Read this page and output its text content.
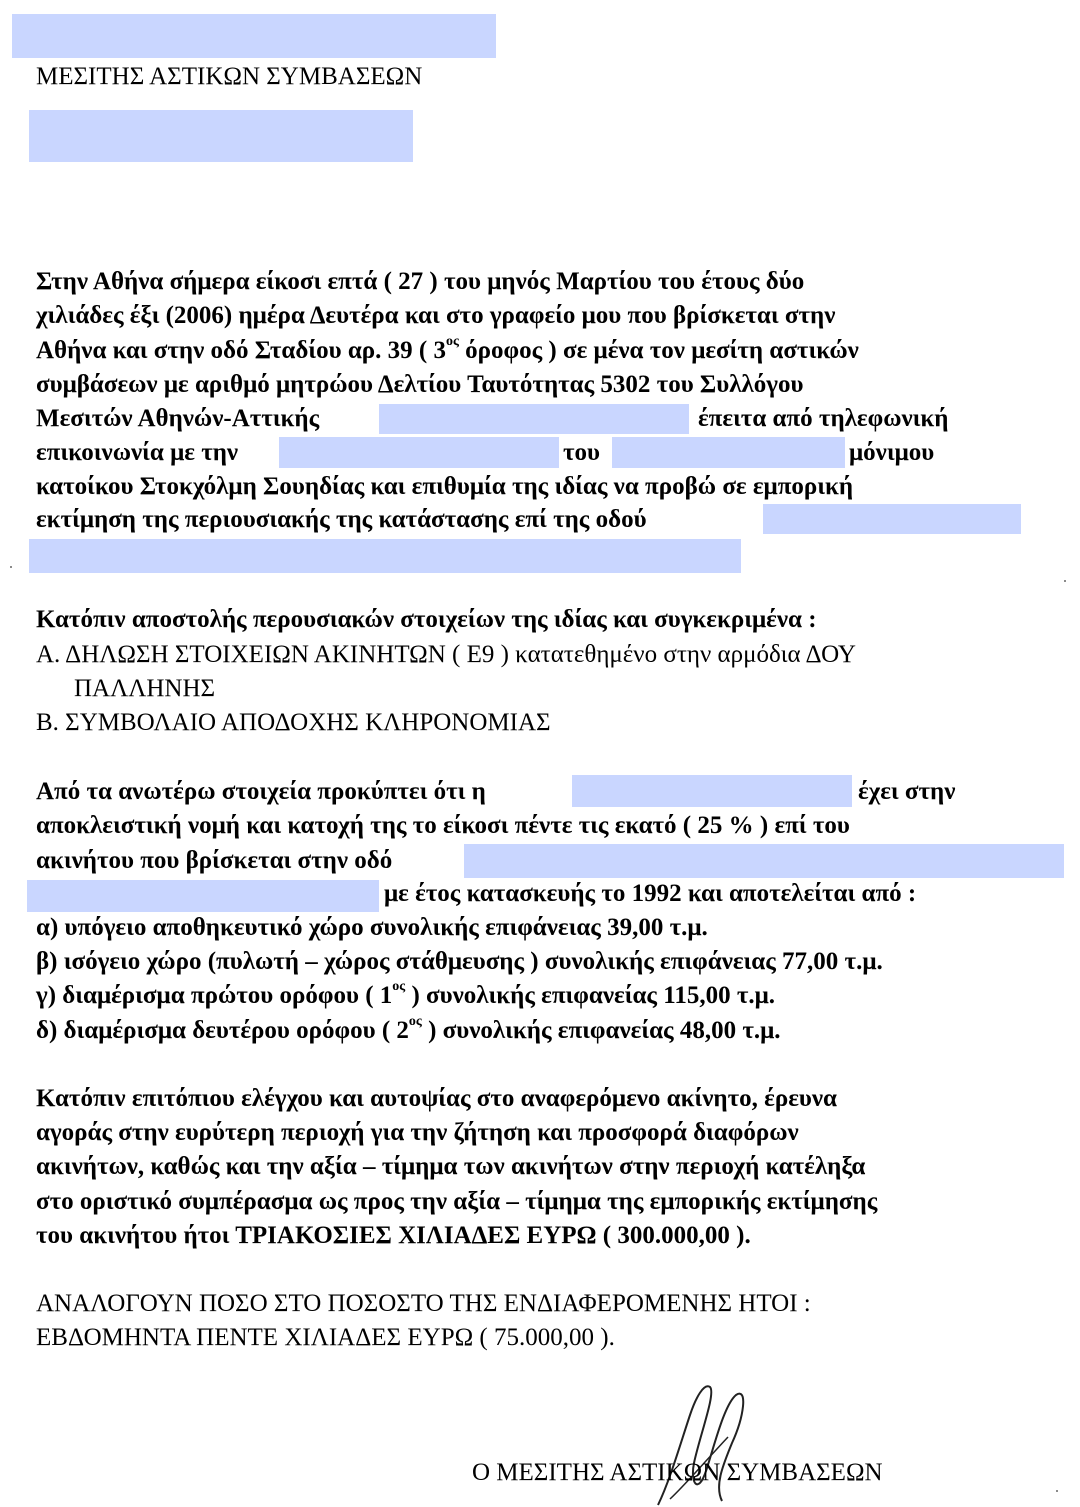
ΜΕΣΙΤΗΣ ΑΣΤΙΚΩΝ ΣΥΜΒΑΣΕΩΝ
Στην Αθήνα σήμερα είκοσι επτά ( 27 ) του μηνός Μαρτίου του έτους δύο
χιλιάδες έξι (2006) ημέρα Δευτέρα και στο γραφείο μου που βρίσκεται στην
Αθήνα και στην οδό Σταδίου αρ. 39 ( $3^{o\varsigma}$ όροφος ) σε μένα τον μεσίτη αστικών
συμβάσεων με αριθμό μητρώου Δελτίου Ταυτότητας 5302 του Συλλόγου
Μεσιτών Αθηνών-Αττικής	έπειτα από τηλεφωνική
επικοινωνία με την	του	μόνιμου
κατοίκου Στοκχόλμη Σουηδίας και επιθυμία της ιδίας να προβώ σε εμπορική
εκτίμηση της περιουσιακής της κατάστασης επί της οδού
Κατόπιν αποστολής περουσιακών στοιχείων της ιδίας και συγκεκριμένα :
Α. ΔΗΛΩΣΗ ΣΤΟΙΧΕΙΩΝ ΑΚΙΝΗΤΩΝ ( Ε9 ) κατατεθημένο στην αρμόδια ΔΟΥ
ΠΑΛΛΗΝΗΣ
Β. ΣΥΜΒΟΛΑΙΟ ΑΠΟΔΟΧΗΣ ΚΛΗΡΟΝΟΜΙΑΣ
Από τα ανωτέρω στοιχεία προκύπτει ότι η	έχει στην
αποκλειστική νομή και κατοχή της το είκοσι πέντε τις εκατό ( 25 % ) επί του
ακινήτου που βρίσκεται στην οδό
με έτος κατασκευής το 1992 και αποτελείται από :
α) υπόγειο αποθηκευτικό χώρο συνολικής επιφάνειας 39,00 τ.μ.
β) ισόγειο χώρο (πυλωτή – χώρος στάθμευσης ) συνολικής επιφάνειας 77,00 τ.μ.
γ) διαμέρισμα πρώτου ορόφου ( $1^{o\varsigma}$ ) συνολικής επιφανείας 115,00 τ.μ.
δ) διαμέρισμα δευτέρου ορόφου ( $2^{o\varsigma}$ ) συνολικής επιφανείας 48,00 τ.μ.
Κατόπιν επιτόπιου ελέγχου και αυτοψίας στο αναφερόμενο ακίνητο, έρευνα
αγοράς στην ευρύτερη περιοχή για την ζήτηση και προσφορά διαφόρων
ακινήτων, καθώς και την αξία – τίμημα των ακινήτων στην περιοχή κατέληξα
στο οριστικό συμπέρασμα ως προς την αξία – τίμημα της εμπορικής εκτίμησης
του ακινήτου ήτοι ΤΡΙΑΚΟΣΙΕΣ ΧΙΛΙΑΔΕΣ ΕΥΡΩ ( 300.000,00 ).
ΑΝΑΛΟΓΟΥΝ ΠΟΣΟ ΣΤΟ ΠΟΣΟΣΤΟ ΤΗΣ ΕΝΔΙΑΦΕΡΟΜΕΝΗΣ ΗΤΟΙ :
ΕΒΔΟΜΗΝΤΑ ΠΕΝΤΕ ΧΙΛΙΑΔΕΣ ΕΥΡΩ ( 75.000,00 ).
Ο ΜΕΣΙΤΗΣ ΑΣΤΙΚΩΝ ΣΥΜΒΑΣΕΩΝ
